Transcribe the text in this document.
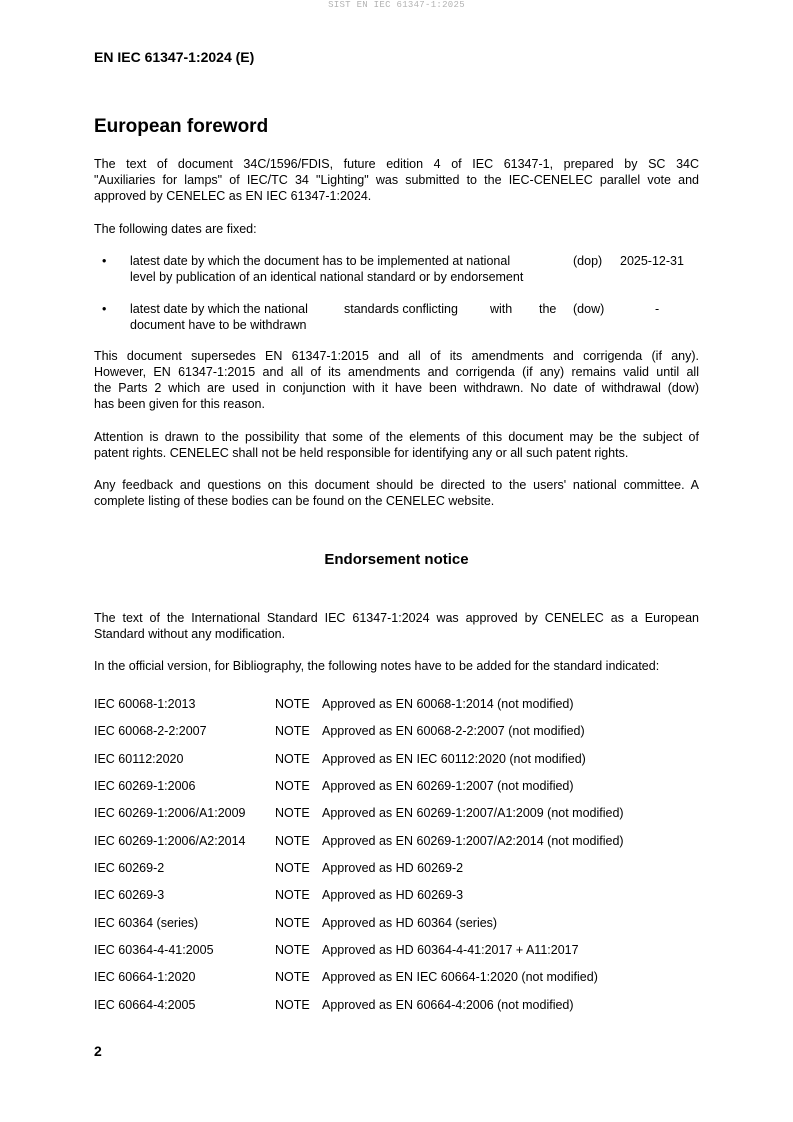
SIST EN IEC 61347-1:2025
EN IEC 61347-1:2024 (E)
European foreword

The text of document 34C/1596/FDIS, future edition 4 of IEC 61347-1, prepared by SC 34C

"Auxiliaries for lamps" of IEC/TC 34 "Lighting" was submitted to the IEC-CENELEC parallel vote and

approved by CENELEC as EN IEC 61347-1:2024.

The following dates are fixed:

• latest date by which the document has to be implemented at national
level by publication of an identical national standard or by endorsement
(dop) 2025-12-31
• latest date by which the national	standards conflicting	with the
document have to be withdrawn
(dow)	-

This document supersedes EN 61347-1:2015 and all of its amendments and corrigenda (if any).

However, EN 61347-1:2015 and all of its amendments and corrigenda (if any) remains valid until all

the Parts 2 which are used in conjunction with it have been withdrawn. No date of withdrawal (dow)

has been given for this reason.

Attention is drawn to the possibility that some of the elements of this document may be the subject of

patent rights. CENELEC shall not be held responsible for identifying any or all such patent rights.

Any feedback and questions on this document should be directed to the users' national committee. A

complete listing of these bodies can be found on the CENELEC website.

Endorsement notice

The text of the International Standard IEC 61347-1:2024 was approved by CENELEC as a European

Standard without any modification.

In the official version, for Bibliography, the following notes have to be added for the standard indicated:

IEC 60068-1:2013	NOTE Approved as EN 60068-1:2014 (not modified)
IEC 60068-2-2:2007	NOTE Approved as EN 60068-2-2:2007 (not modified)
IEC 60112:2020	NOTE Approved as EN IEC 60112:2020 (not modified)
IEC 60269-1:2006	NOTE Approved as EN 60269-1:2007 (not modified)
IEC 60269-1:2006/A1:2009 NOTE Approved as EN 60269-1:2007/A1:2009 (not modified)
IEC 60269-1:2006/A2:2014 NOTE Approved as EN 60269-1:2007/A2:2014 (not modified)
IEC 60269-2	NOTE Approved as HD 60269-2
IEC 60269-3	NOTE Approved as HD 60269-3
IEC 60364 (series)	NOTE Approved as HD 60364 (series)
IEC 60364-4-41:2005	NOTE Approved as HD 60364-4-41:2017 + A11:2017
IEC 60664-1:2020	NOTE Approved as EN IEC 60664-1:2020 (not modified)
IEC 60664-4:2005	NOTE Approved as EN 60664-4:2006 (not modified)
2
